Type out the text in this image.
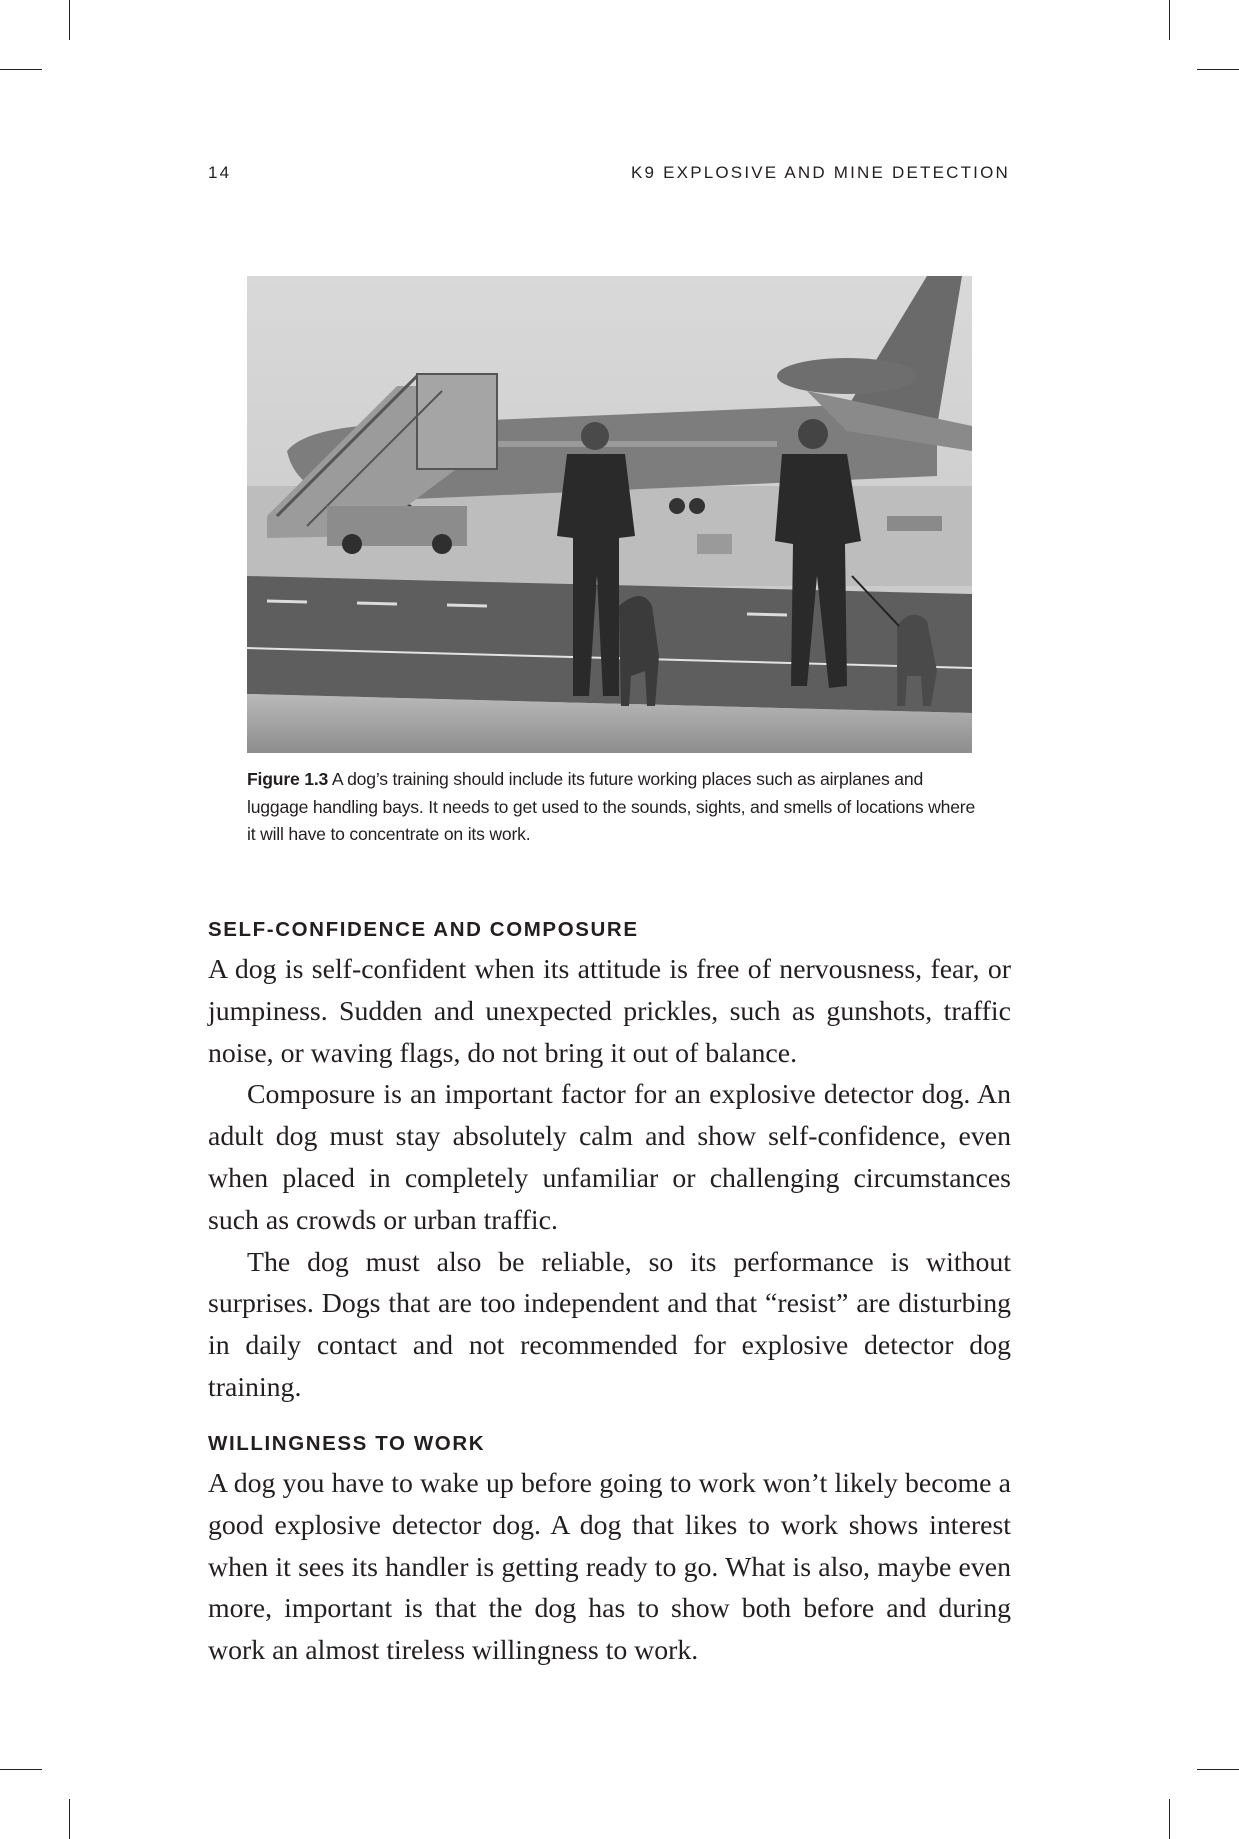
14	K9 EXPLOSIVE AND MINE DETECTION
Figure 1.3 A dog’s training should include its future working places such as airplanes and luggage handling bays. It needs to get used to the sounds, sights, and smells of locations where it will have to concentrate on its work.
SELF-CONFIDENCE AND COMPOSURE

A dog is self-confident when its attitude is free of nervousness, fear, or jumpiness. Sudden and unexpected prickles, such as gunshots, traffic noise, or waving flags, do not bring it out of balance.

Composure is an important factor for an explosive detector dog. An adult dog must stay absolutely calm and show self-confidence, even when placed in completely unfamiliar or challenging circumstances such as crowds or urban traffic.

The dog must also be reliable, so its performance is without surprises. Dogs that are too independent and that “resist” are disturbing in daily contact and not recommended for explosive detector dog training.

WILLINGNESS TO WORK

A dog you have to wake up before going to work won’t likely become a good explosive detector dog. A dog that likes to work shows interest when it sees its handler is getting ready to go. What is also, maybe even more, important is that the dog has to show both before and during work an almost tireless willingness to work.
